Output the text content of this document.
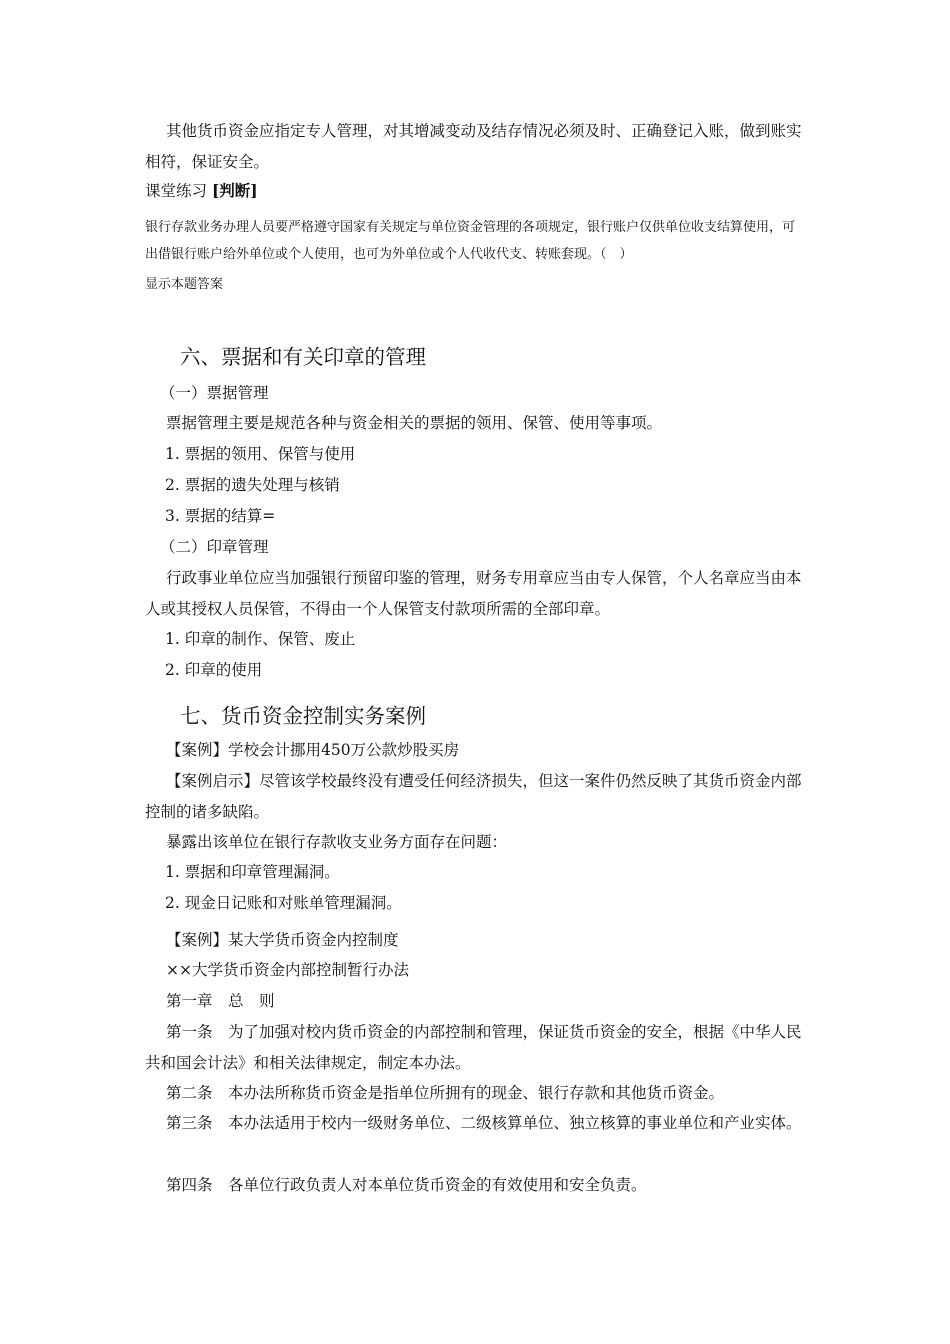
其他货币资金应指定专人管理，对其增减变动及结存情况必须及时、正确登记入账，做到账实相符，保证安全。

课堂练习 [判断]

银行存款业务办理人员要严格遵守国家有关规定与单位资金管理的各项规定，银行账户仅供单位收支结算使用，可出借银行账户给外单位或个人使用，也可为外单位或个人代收代支、转账套现。（　）

显示本题答案

六、票据和有关印章的管理

（一）票据管理

票据管理主要是规范各种与资金相关的票据的领用、保管、使用等事项。

1. 票据的领用、保管与使用

2. 票据的遗失处理与核销

3. 票据的结算=

（二）印章管理

行政事业单位应当加强银行预留印鉴的管理，财务专用章应当由专人保管，个人名章应当由本人或其授权人员保管，不得由一个人保管支付款项所需的全部印章。

1. 印章的制作、保管、废止

2. 印章的使用

七、货币资金控制实务案例

【案例】学校会计挪用450万公款炒股买房

【案例启示】尽管该学校最终没有遭受任何经济损失，但这一案件仍然反映了其货币资金内部控制的诸多缺陷。

暴露出该单位在银行存款收支业务方面存在问题：

1. 票据和印章管理漏洞。

2. 现金日记账和对账单管理漏洞。

【案例】某大学货币资金内控制度

××大学货币资金内部控制暂行办法

第一章　总　则

第一条　为了加强对校内货币资金的内部控制和管理，保证货币资金的安全，根据《中华人民共和国会计法》和相关法律规定，制定本办法。

第二条　本办法所称货币资金是指单位所拥有的现金、银行存款和其他货币资金。

第三条　本办法适用于校内一级财务单位、二级核算单位、独立核算的事业单位和产业实体。

第四条　各单位行政负责人对本单位货币资金的有效使用和安全负责。
